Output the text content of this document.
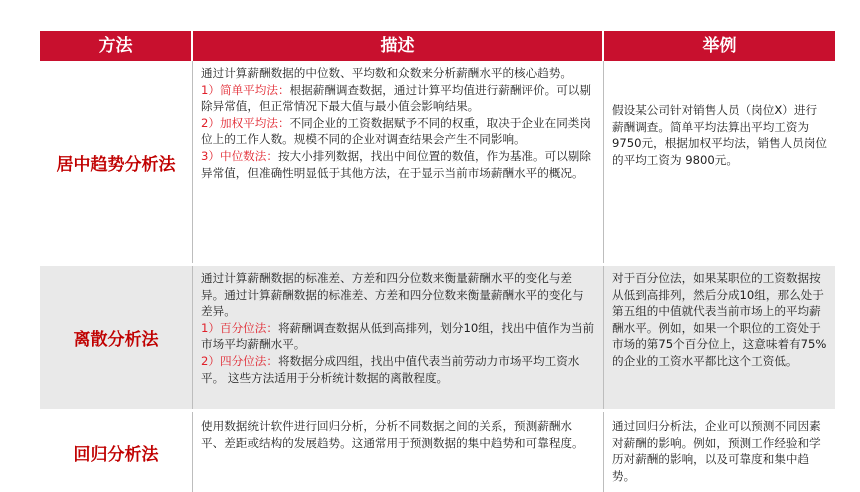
方法	描述	举例
居中趋势分析法
通过计算薪酬数据的中位数、平均数和众数来分析薪酬水平的核心趋势。
1）简单平均法：根据薪酬调查数据，通过计算平均值进行薪酬评价。可以剔除异常值，但正常情况下最大值与最小值会影响结果。
2）加权平均法：不同企业的工资数据赋予不同的权重，取决于企业在同类岗位上的工作人数。规模不同的企业对调查结果会产生不同影响。
3）中位数法：按大小排列数据，找出中间位置的数值，作为基准。可以剔除异常值，但准确性明显低于其他方法，在于显示当前市场薪酬水平的概况。
假设某公司针对销售人员（岗位X）进行薪酬调查。简单平均法算出平均工资为 9750元，根据加权平均法，销售人员岗位的平均工资为 9800元。
离散分析法
通过计算薪酬数据的标准差、方差和四分位数来衡量薪酬水平的变化与差异。通过计算薪酬数据的标准差、方差和四分位数来衡量薪酬水平的变化与差异。
1）百分位法：将薪酬调查数据从低到高排列，划分10组，找出中值作为当前市场平均薪酬水平。
2）四分位法：将数据分成四组，找出中值代表当前劳动力市场平均工资水平。 这些方法适用于分析统计数据的离散程度。
对于百分位法，如果某职位的工资数据按从低到高排列，然后分成10组，那么处于第五组的中值就代表当前市场上的平均薪酬水平。例如，如果一个职位的工资处于市场的第75个百分位上，这意味着有75%的企业的工资水平都比这个工资低。
回归分析法
使用数据统计软件进行回归分析，分析不同数据之间的关系，预测薪酬水平、差距或结构的发展趋势。这通常用于预测数据的集中趋势和可靠程度。
通过回归分析法，企业可以预测不同因素对薪酬的影响。例如，预测工作经验和学历对薪酬的影响，以及可靠度和集中趋势。
